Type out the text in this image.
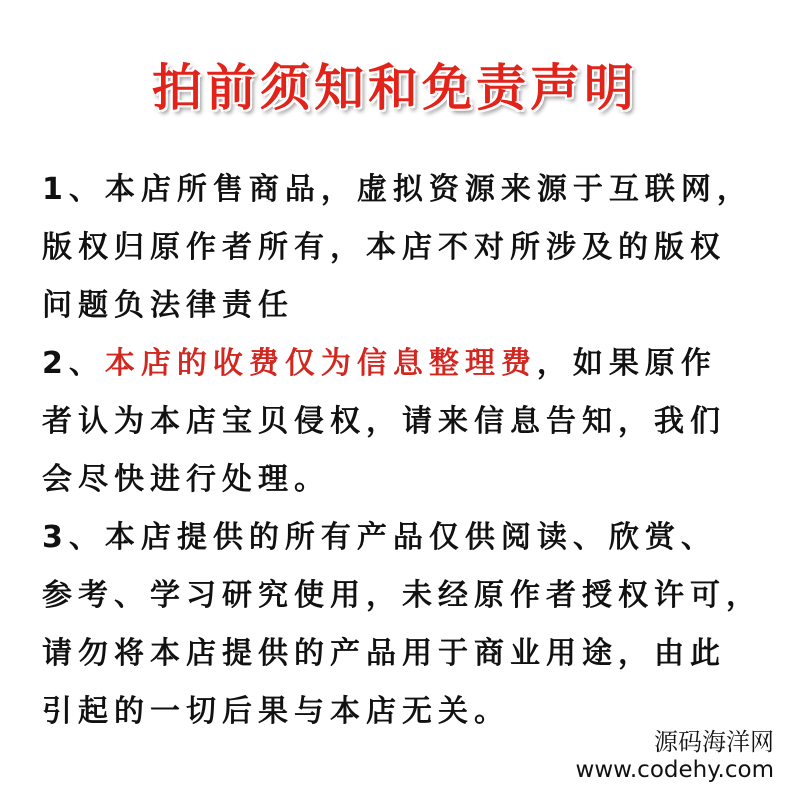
拍前须知和免责声明
1、本店所售商品，虚拟资源来源于互联网，
版权归原作者所有，本店不对所涉及的版权
问题负法律责任
2、本店的收费仅为信息整理费，如果原作
者认为本店宝贝侵权，请来信息告知，我们
会尽快进行处理。
3、本店提供的所有产品仅供阅读、欣赏、
参考、学习研究使用，未经原作者授权许可，
请勿将本店提供的产品用于商业用途，由此
引起的一切后果与本店无关。
源码海洋网
www.codehy.com
